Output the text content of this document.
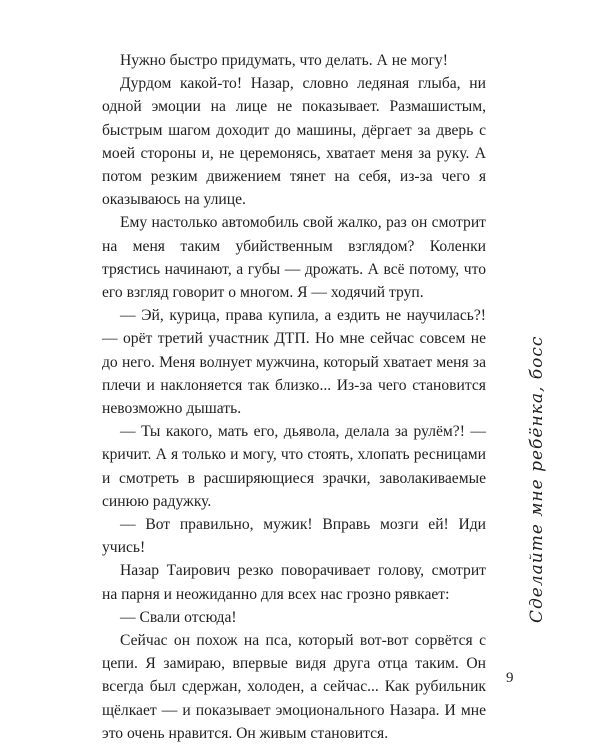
Нужно быстро придумать, что делать. А не могу!

Дурдом какой-то! Назар, словно ледяная глыба, ни одной эмоции на лице не показывает. Размашистым, быстрым шагом доходит до машины, дёргает за дверь с моей стороны и, не церемонясь, хватает меня за руку. А потом резким движением тянет на себя, из-за чего я оказываюсь на улице.

Ему настолько автомобиль свой жалко, раз он смотрит на меня таким убийственным взглядом? Коленки трястись начинают, а губы — дрожать. А всё потому, что его взгляд говорит о многом. Я — ходячий труп.

— Эй, курица, права купила, а ездить не научилась?! — орёт третий участник ДТП. Но мне сейчас совсем не до него. Меня волнует мужчина, который хватает меня за плечи и наклоняется так близко... Из-за чего становится невозможно дышать.

— Ты какого, мать его, дьявола, делала за рулём?! — кричит. А я только и могу, что стоять, хлопать ресницами и смотреть в расширяющиеся зрачки, заволакиваемые синюю радужку.

— Вот правильно, мужик! Вправь мозги ей! Иди учись!

Назар Таирович резко поворачивает голову, смотрит на парня и неожиданно для всех нас грозно рявкает:

— Свали отсюда!

Сейчас он похож на пса, который вот-вот сорвётся с цепи. Я замираю, впервые видя друга отца таким. Он всегда был сдержан, холоден, а сейчас... Как рубильник щёлкает — и показывает эмоционального Назара. И мне это очень нравится. Он живым становится.

Сделайте мне ребёнка, босс
9
